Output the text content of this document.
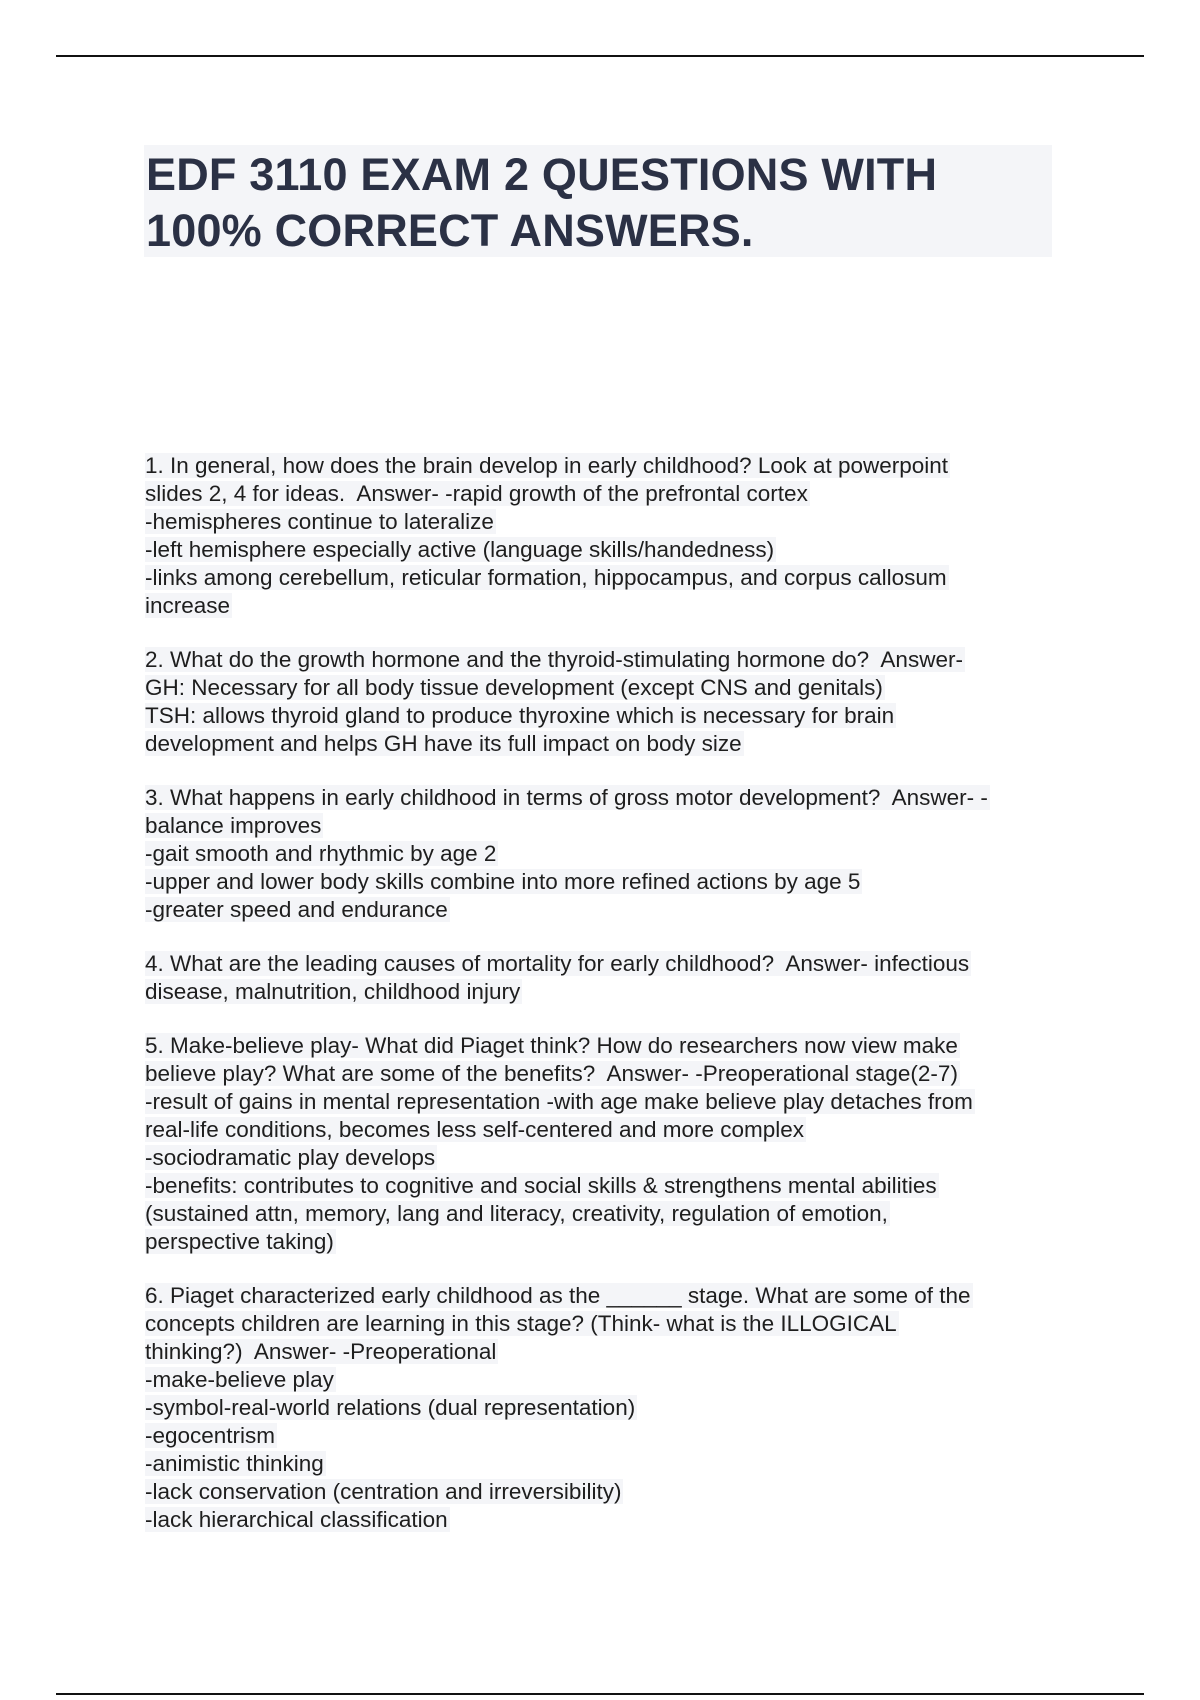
EDF 3110 EXAM 2 QUESTIONS WITH
100% CORRECT ANSWERS.
1. In general, how does the brain develop in early childhood? Look at powerpoint
slides 2, 4 for ideas.  Answer- -rapid growth of the prefrontal cortex
-hemispheres continue to lateralize
-left hemisphere especially active (language skills/handedness)
-links among cerebellum, reticular formation, hippocampus, and corpus callosum
increase
2. What do the growth hormone and the thyroid-stimulating hormone do?  Answer-
GH: Necessary for all body tissue development (except CNS and genitals)
TSH: allows thyroid gland to produce thyroxine which is necessary for brain
development and helps GH have its full impact on body size
3. What happens in early childhood in terms of gross motor development?  Answer- -
balance improves
-gait smooth and rhythmic by age 2
-upper and lower body skills combine into more refined actions by age 5
-greater speed and endurance
4. What are the leading causes of mortality for early childhood?  Answer- infectious
disease, malnutrition, childhood injury
5. Make-believe play- What did Piaget think? How do researchers now view make
believe play? What are some of the benefits?  Answer- -Preoperational stage(2-7)
-result of gains in mental representation -with age make believe play detaches from
real-life conditions, becomes less self-centered and more complex
-sociodramatic play develops
-benefits: contributes to cognitive and social skills & strengthens mental abilities
(sustained attn, memory, lang and literacy, creativity, regulation of emotion,
perspective taking)
6. Piaget characterized early childhood as the ______ stage. What are some of the
concepts children are learning in this stage? (Think- what is the ILLOGICAL
thinking?)  Answer- -Preoperational
-make-believe play
-symbol-real-world relations (dual representation)
-egocentrism
-animistic thinking
-lack conservation (centration and irreversibility)
-lack hierarchical classification
